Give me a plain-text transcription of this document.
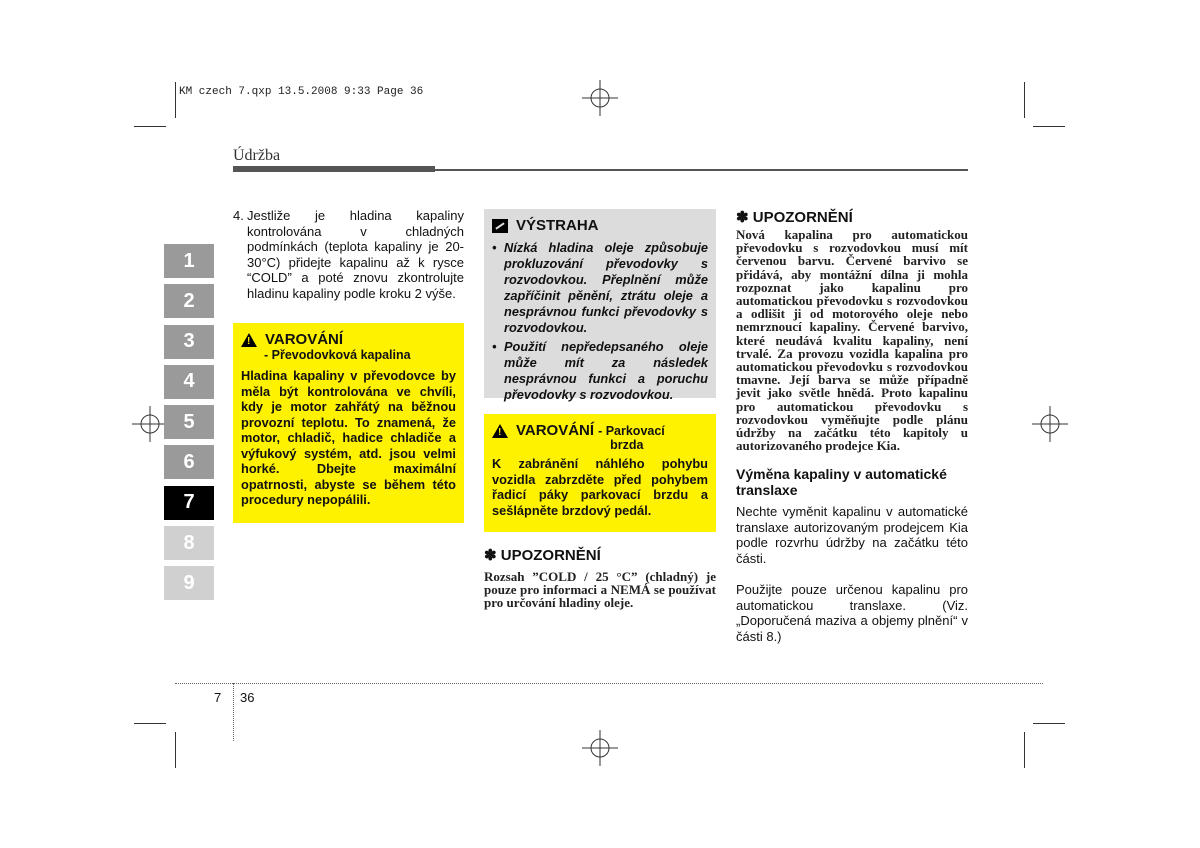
KM czech 7.qxp 13.5.2008 9:33 Page 36
Údržba
1
2
3
4
5
6
7
8
9
4. Jestliže je hladina kapaliny kontrolována v chladných podmínkách (teplota kapaliny je 20-30°C) přidejte kapalinu až k rysce “COLD” a poté znovu zkontrolujte hladinu kapaliny podle kroku 2 výše.
! VAROVÁNÍ
- Převodovková kapalina
Hladina kapaliny v převodovce by měla být kontrolována ve chvíli, kdy je motor zahřátý na běžnou provozní teplotu. To znamená, že motor, chladič, hadice chladiče a výfukový systém, atd. jsou velmi horké. Dbejte maximální opatrnosti, abyste se během této procedury nepopálili.
VÝSTRAHA
• Nízká hladina oleje způsobuje prokluzování převodovky s rozvodovkou. Přeplnění může zapříčinit pěnění, ztrátu oleje a nesprávnou funkci převodovky s rozvodovkou.
• Použití nepředepsaného oleje může mít za následek nesprávnou funkci a poruchu převodovky s rozvodovkou.
! VAROVÁNÍ - Parkovací
brzda
K zabránění náhlého pohybu vozidla zabrzděte před pohybem řadicí páky parkovací brzdu a sešlápněte brzdový pedál.
✽ UPOZORNĚNÍ
Rozsah ”COLD / 25 °C” (chladný) je pouze pro informaci a NEMÁ se používat pro určování hladiny oleje.
✽ UPOZORNĚNÍ
Nová kapalina pro automatickou převodovku s rozvodovkou musí mít červenou barvu. Červené barvivo se přidává, aby montážní dílna ji mohla rozpoznat jako kapalinu pro automatickou převodovku s rozvodovkou a odlišit ji od motorového oleje nebo nemrznoucí kapaliny. Červené barvivo, které neudává kvalitu kapaliny, není trvalé. Za provozu vozidla kapalina pro automatickou převodovku s rozvodovkou tmavne. Její barva se může případně jevit jako světle hnědá. Proto kapalinu pro automatickou převodovku s rozvodovkou vyměňujte podle plánu údržby na začátku této kapitoly u autorizovaného prodejce Kia.
Výměna kapaliny v automatické translaxe
Nechte vyměnit kapalinu v automatické translaxe autorizovaným prodejcem Kia podle rozvrhu údržby na začátku této části.
Použijte pouze určenou kapalinu pro automatickou translaxe. (Viz. „Doporučená maziva a objemy plnění“ v části 8.)
7 36
